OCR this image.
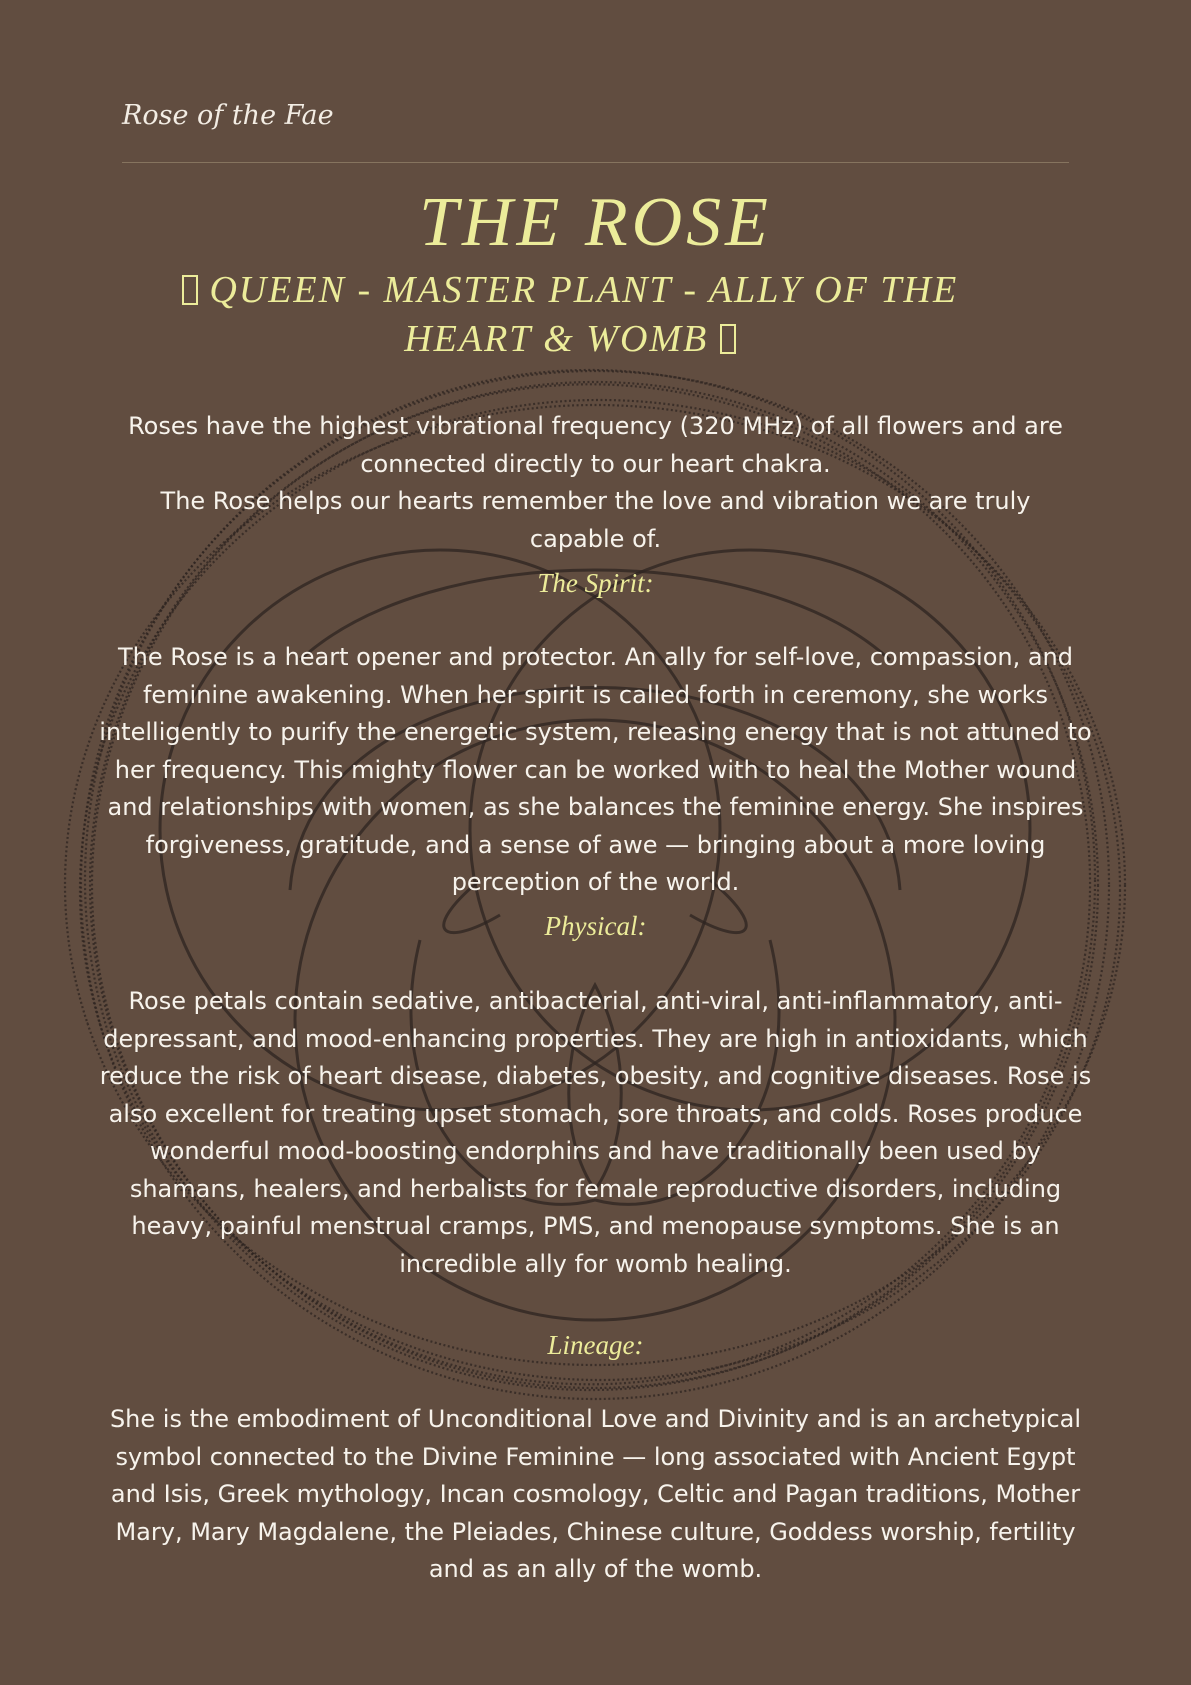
Rose of the Fae
THE ROSE
QUEEN - MASTER PLANT - ALLY OF THE
HEART & WOMB

Roses have the highest vibrational frequency (320 MHz) of all flowers and are connected directly to our heart chakra.
The Rose helps our hearts remember the love and vibration we are truly capable of.

The Spirit:

The Rose is a heart opener and protector. An ally for self-love, compassion, and feminine awakening. When her spirit is called forth in ceremony, she works intelligently to purify the energetic system, releasing energy that is not attuned to her frequency. This mighty flower can be worked with to heal the Mother wound and relationships with women, as she balances the feminine energy. She inspires forgiveness, gratitude, and a sense of awe — bringing about a more loving perception of the world.

Physical:

Rose petals contain sedative, antibacterial, anti-viral, anti-inflammatory, anti-depressant, and mood-enhancing properties. They are high in antioxidants, which reduce the risk of heart disease, diabetes, obesity, and cognitive diseases. Rose is also excellent for treating upset stomach, sore throats, and colds. Roses produce wonderful mood-boosting endorphins and have traditionally been used by shamans, healers, and herbalists for female reproductive disorders, including heavy, painful menstrual cramps, PMS, and menopause symptoms. She is an incredible ally for womb healing.

Lineage:

She is the embodiment of Unconditional Love and Divinity and is an archetypical symbol connected to the Divine Feminine — long associated with Ancient Egypt and Isis, Greek mythology, Incan cosmology, Celtic and Pagan traditions, Mother Mary, Mary Magdalene, the Pleiades, Chinese culture, Goddess worship, fertility and as an ally of the womb.
